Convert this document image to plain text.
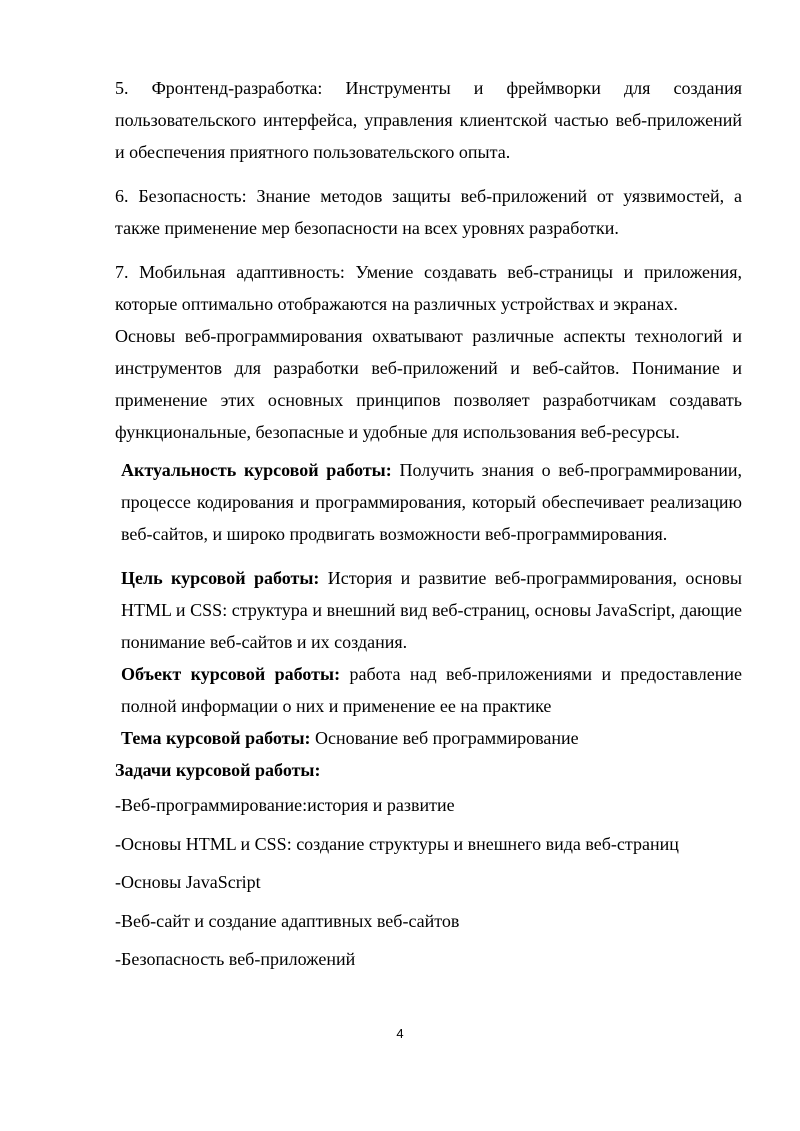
5. Фронтенд-разработка: Инструменты и фреймворки для создания пользовательского интерфейса, управления клиентской частью веб-приложений и обеспечения приятного пользовательского опыта.

6. Безопасность: Знание методов защиты веб-приложений от уязвимостей, а также применение мер безопасности на всех уровнях разработки.

7. Мобильная адаптивность: Умение создавать веб-страницы и приложения, которые оптимально отображаются на различных устройствах и экранах.

Основы веб-программирования охватывают различные аспекты технологий и инструментов для разработки веб-приложений и веб-сайтов. Понимание и применение этих основных принципов позволяет разработчикам создавать функциональные, безопасные и удобные для использования веб-ресурсы.

Актуальность курсовой работы: Получить знания о веб-программировании, процессе кодирования и программирования, который обеспечивает реализацию веб-сайтов, и широко продвигать возможности веб-программирования.

Цель курсовой работы: История и развитие веб-программирования, основы HTML и CSS: структура и внешний вид веб-страниц, основы JavaScript, дающие понимание веб-сайтов и их создания.

Объект курсовой работы: работа над веб-приложениями и предоставление полной информации о них и применение ее на практике

Тема курсовой работы: Основание веб программирование

Задачи курсовой работы:

-Веб-программирование:история и развитие

-Основы HTML и CSS: создание структуры и внешнего вида веб-страниц

-Основы JavaScript

-Веб-сайт и создание адаптивных веб-сайтов

-Безопасность веб-приложений

4
